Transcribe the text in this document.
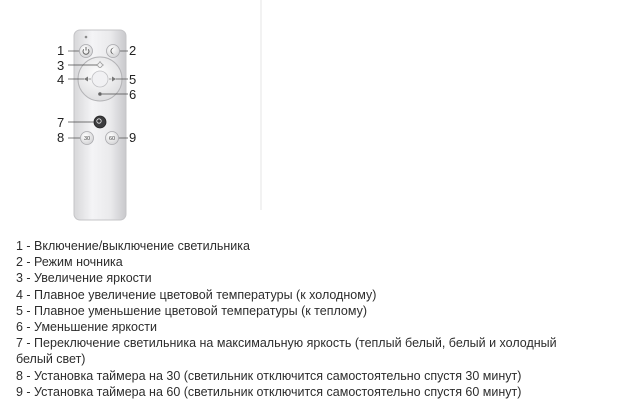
30	60
1	2
3
4	5
6
7
8	9
1 - Включение/выключение светильника
2 - Режим ночника
3 - Увеличение яркости
4 - Плавное увеличение цветовой температуры (к холодному)
5 - Плавное уменьшение цветовой температуры (к теплому)
6 - Уменьшение яркости
7 - Переключение светильника на максимальную яркость (теплый белый, белый и холодный
белый свет)
8 - Установка таймера на 30 (светильник отключится самостоятельно спустя 30 минут)
9 - Установка таймера на 60 (светильник отключится самостоятельно спустя 60 минут)
